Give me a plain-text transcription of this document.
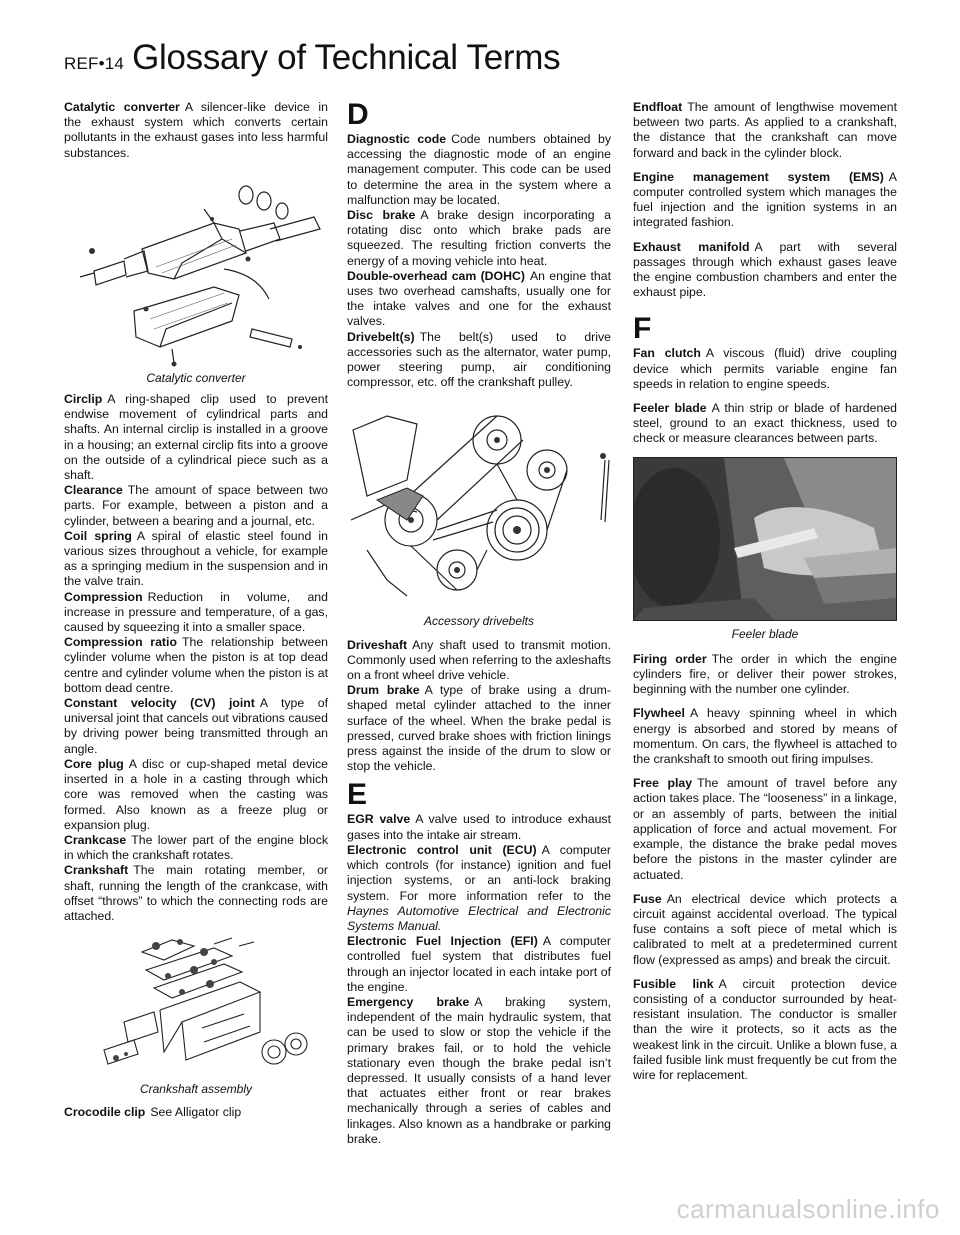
REF•14 Glossary of Technical Terms

Catalytic converter A silencer-like device in the exhaust system which converts certain pollutants in the exhaust gases into less harmful substances.

Catalytic converter

Circlip A ring-shaped clip used to prevent endwise movement of cylindrical parts and shafts. An internal circlip is installed in a groove in a housing; an external circlip fits into a groove on the outside of a cylindrical piece such as a shaft.

Clearance The amount of space between two parts. For example, between a piston and a cylinder, between a bearing and a journal, etc.

Coil spring A spiral of elastic steel found in various sizes throughout a vehicle, for example as a springing medium in the suspension and in the valve train.

Compression Reduction in volume, and increase in pressure and temperature, of a gas, caused by squeezing it into a smaller space.

Compression ratio The relationship between cylinder volume when the piston is at top dead centre and cylinder volume when the piston is at bottom dead centre.

Constant velocity (CV) joint A type of universal joint that cancels out vibrations caused by driving power being transmitted through an angle.

Core plug A disc or cup-shaped metal device inserted in a hole in a casting through which core was removed when the casting was formed. Also known as a freeze plug or expansion plug.

Crankcase The lower part of the engine block in which the crankshaft rotates.

Crankshaft The main rotating member, or shaft, running the length of the crankcase, with offset “throws” to which the connecting rods are attached.

Crankshaft assembly

Crocodile clip See Alligator clip

D

Diagnostic code Code numbers obtained by accessing the diagnostic mode of an engine management computer. This code can be used to determine the area in the system where a malfunction may be located.

Disc brake A brake design incorporating a rotating disc onto which brake pads are squeezed. The resulting friction converts the energy of a moving vehicle into heat.

Double-overhead cam (DOHC) An engine that uses two overhead camshafts, usually one for the intake valves and one for the exhaust valves.

Drivebelt(s) The belt(s) used to drive accessories such as the alternator, water pump, power steering pump, air conditioning compressor, etc. off the crankshaft pulley.

Accessory drivebelts

Driveshaft Any shaft used to transmit motion. Commonly used when referring to the axleshafts on a front wheel drive vehicle.

Drum brake A type of brake using a drum-shaped metal cylinder attached to the inner surface of the wheel. When the brake pedal is pressed, curved brake shoes with friction linings press against the inside of the drum to slow or stop the vehicle.

E

EGR valve A valve used to introduce exhaust gases into the intake air stream.

Electronic control unit (ECU) A computer which controls (for instance) ignition and fuel injection systems, or an anti-lock braking system. For more information refer to the Haynes Automotive Electrical and Electronic Systems Manual.

Electronic Fuel Injection (EFI) A computer controlled fuel system that distributes fuel through an injector located in each intake port of the engine.

Emergency brake A braking system, independent of the main hydraulic system, that can be used to slow or stop the vehicle if the primary brakes fail, or to hold the vehicle stationary even though the brake pedal isn’t depressed. It usually consists of a hand lever that actuates either front or rear brakes mechanically through a series of cables and linkages. Also known as a handbrake or parking brake.

Endfloat The amount of lengthwise movement between two parts. As applied to a crankshaft, the distance that the crankshaft can move forward and back in the cylinder block.

Engine management system (EMS) A computer controlled system which manages the fuel injection and the ignition systems in an integrated fashion.

Exhaust manifold A part with several passages through which exhaust gases leave the engine combustion chambers and enter the exhaust pipe.

F

Fan clutch A viscous (fluid) drive coupling device which permits variable engine fan speeds in relation to engine speeds.

Feeler blade A thin strip or blade of hardened steel, ground to an exact thickness, used to check or measure clearances between parts.

Feeler blade

Firing order The order in which the engine cylinders fire, or deliver their power strokes, beginning with the number one cylinder.

Flywheel A heavy spinning wheel in which energy is absorbed and stored by means of momentum. On cars, the flywheel is attached to the crankshaft to smooth out firing impulses.

Free play The amount of travel before any action takes place. The “looseness” in a linkage, or an assembly of parts, between the initial application of force and actual movement. For example, the distance the brake pedal moves before the pistons in the master cylinder are actuated.

Fuse An electrical device which protects a circuit against accidental overload. The typical fuse contains a soft piece of metal which is calibrated to melt at a predetermined current flow (expressed as amps) and break the circuit.

Fusible link A circuit protection device consisting of a conductor surrounded by heat-resistant insulation. The conductor is smaller than the wire it protects, so it acts as the weakest link in the circuit. Unlike a blown fuse, a failed fusible link must frequently be cut from the wire for replacement.

carmanualsonline.info
